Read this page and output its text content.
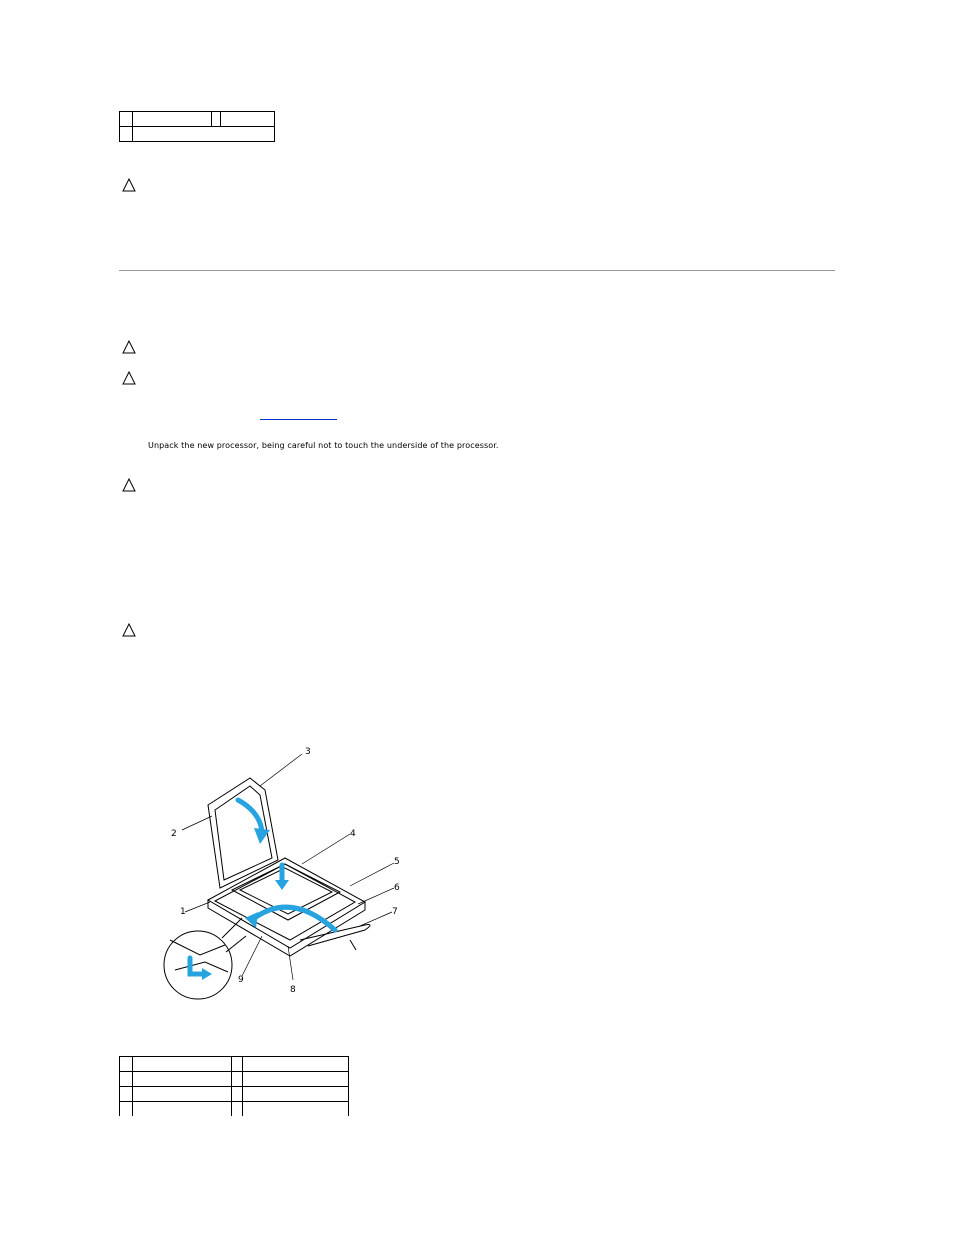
Unpack the new processor, being careful not to touch the underside of the processor.
1
2
3
4
5
6
7
8
9
